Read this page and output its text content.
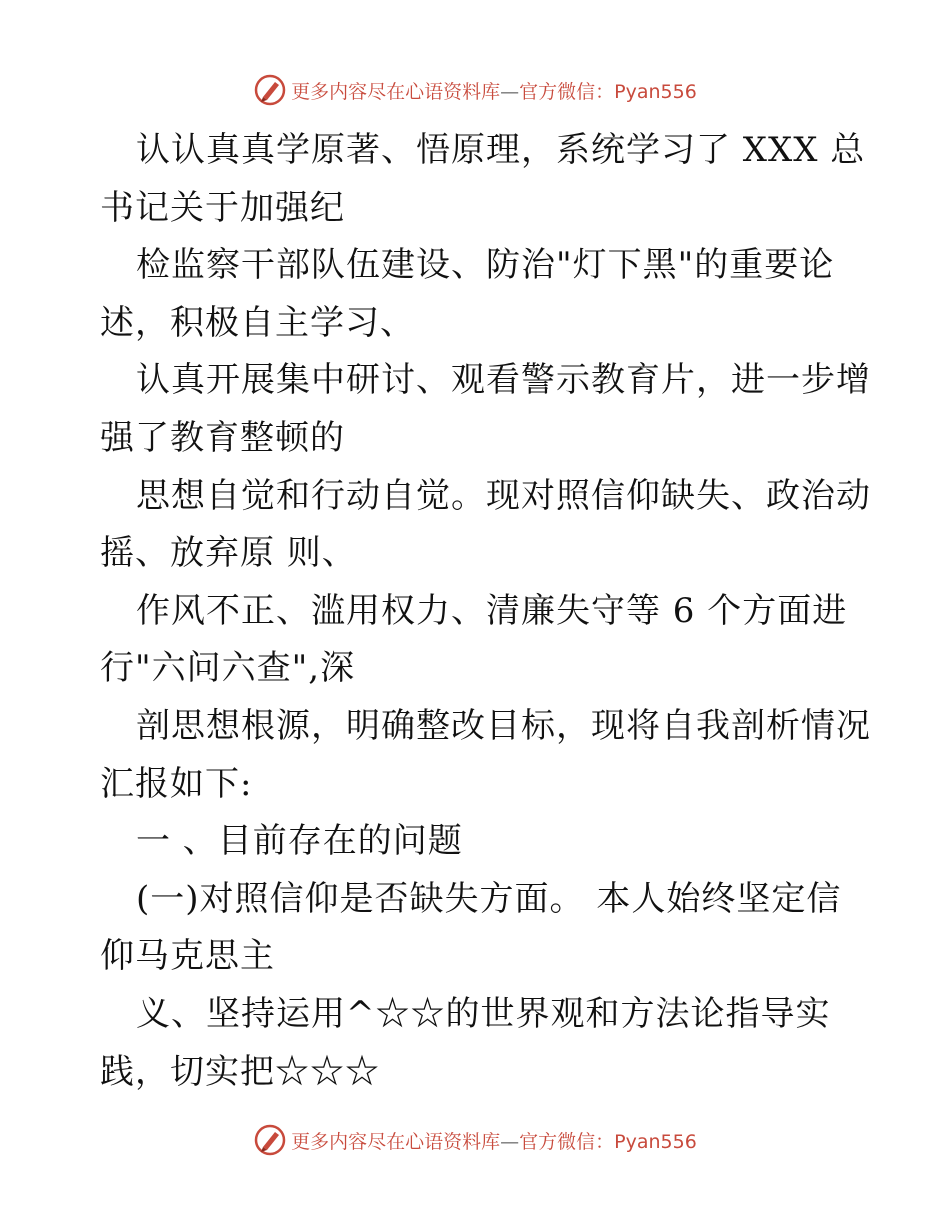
更多内容尽在心语资料库—官方微信：Pyan556
认认真真学原著、悟原理，系统学习了 XXX 总
书记关于加强纪
检监察干部队伍建设、防治"灯下黑"的重要论
述，积极自主学习、
认真开展集中研讨、观看警示教育片，进一步增
强了教育整顿的
思想自觉和行动自觉。现对照信仰缺失、政治动
摇、放弃原 则、
作风不正、滥用权力、清廉失守等 6 个方面进
行"六问六查",深
剖思想根源，明确整改目标，现将自我剖析情况
汇报如下:
一 、目前存在的问题
(一)对照信仰是否缺失方面。 本人始终坚定信
仰马克思主
义、坚持运用^☆☆的世界观和方法论指导实
践，切实把☆☆☆
更多内容尽在心语资料库—官方微信：Pyan556
